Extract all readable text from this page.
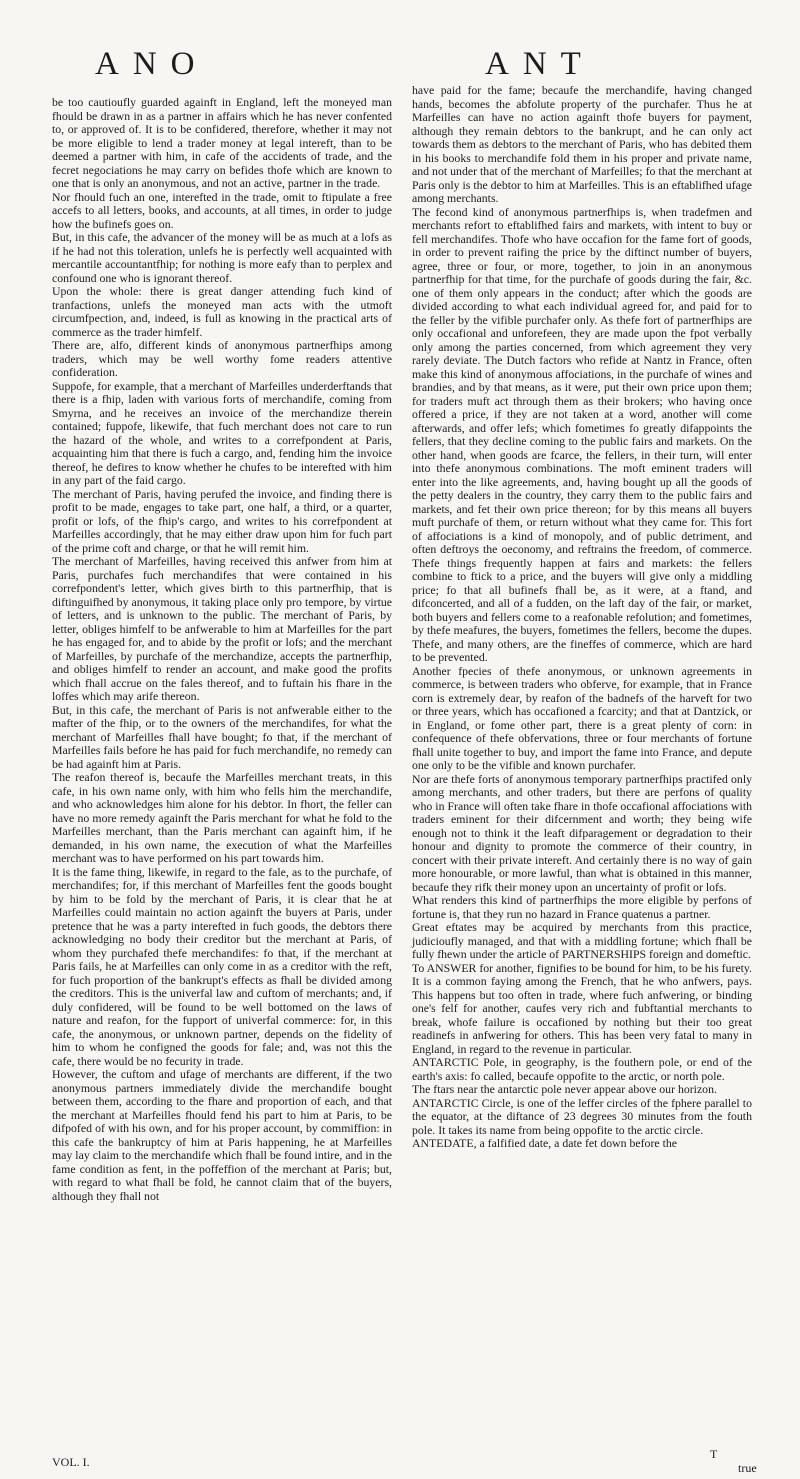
ANO	ANT

be too cautioufly guarded againft in England, left the moneyed man fhould be drawn in as a partner in affairs which he has never confented to, or approved of. It is to be confidered, therefore, whether it may not be more eligible to lend a trader money at legal intereft, than to be deemed a partner with him, in cafe of the accidents of trade, and the fecret negociations he may carry on befides thofe which are known to one that is only an anonymous, and not an active, partner in the trade.

Nor fhould fuch an one, interefted in the trade, omit to ftipulate a free accefs to all letters, books, and accounts, at all times, in order to judge how the bufinefs goes on.

But, in this cafe, the advancer of the money will be as much at a lofs as if he had not this toleration, unlefs he is perfectly well acquainted with mercantile accountantfhip; for nothing is more eafy than to perplex and confound one who is ignorant thereof.

Upon the whole: there is great danger attending fuch kind of tranfactions, unlefs the moneyed man acts with the utmoft circumfpection, and, indeed, is full as knowing in the practical arts of commerce as the trader himfelf.

There are, alfo, different kinds of anonymous partnerfhips among traders, which may be well worthy fome readers attentive confideration.

Suppofe, for example, that a merchant of Marfeilles underderftands that there is a fhip, laden with various forts of merchandife, coming from Smyrna, and he receives an invoice of the merchandize therein contained; fuppofe, likewife, that fuch merchant does not care to run the hazard of the whole, and writes to a correfpondent at Paris, acquainting him that there is fuch a cargo, and, fending him the invoice thereof, he defires to know whether he chufes to be interefted with him in any part of the faid cargo.

The merchant of Paris, having perufed the invoice, and finding there is profit to be made, engages to take part, one half, a third, or a quarter, profit or lofs, of the fhip's cargo, and writes to his correfpondent at Marfeilles accordingly, that he may either draw upon him for fuch part of the prime coft and charge, or that he will remit him.

The merchant of Marfeilles, having received this anfwer from him at Paris, purchafes fuch merchandifes that were contained in his correfpondent's letter, which gives birth to this partnerfhip, that is diftinguifhed by anonymous, it taking place only pro tempore, by virtue of letters, and is unknown to the public. The merchant of Paris, by letter, obliges himfelf to be anfwerable to him at Marfeilles for the part he has engaged for, and to abide by the profit or lofs; and the merchant of Marfeilles, by purchafe of the merchandize, accepts the partnerfhip, and obliges himfelf to render an account, and make good the profits which fhall accrue on the fales thereof, and to fuftain his fhare in the loffes which may arife thereon.

But, in this cafe, the merchant of Paris is not anfwerable either to the mafter of the fhip, or to the owners of the merchandifes, for what the merchant of Marfeilles fhall have bought; fo that, if the merchant of Marfeilles fails before he has paid for fuch merchandife, no remedy can be had againft him at Paris.

The reafon thereof is, becaufe the Marfeilles merchant treats, in this cafe, in his own name only, with him who fells him the merchandife, and who acknowledges him alone for his debtor. In fhort, the feller can have no more remedy againft the Paris merchant for what he fold to the Marfeilles merchant, than the Paris merchant can againft him, if he demanded, in his own name, the execution of what the Marfeilles merchant was to have performed on his part towards him.

It is the fame thing, likewife, in regard to the fale, as to the purchafe, of merchandifes; for, if this merchant of Marfeilles fent the goods bought by him to be fold by the merchant of Paris, it is clear that he at Marfeilles could maintain no action againft the buyers at Paris, under pretence that he was a party interefted in fuch goods, the debtors there acknowledging no body their creditor but the merchant at Paris, of whom they purchafed thefe merchandifes: fo that, if the merchant at Paris fails, he at Marfeilles can only come in as a creditor with the reft, for fuch proportion of the bankrupt's effects as fhall be divided among the creditors. This is the univerfal law and cuftom of merchants; and, if duly confidered, will be found to be well bottomed on the laws of nature and reafon, for the fupport of univerfal commerce: for, in this cafe, the anonymous, or unknown partner, depends on the fidelity of him to whom he configned the goods for fale; and, was not this the cafe, there would be no fecurity in trade.

However, the cuftom and ufage of merchants are different, if the two anonymous partners immediately divide the merchandife bought between them, according to the fhare and proportion of each, and that the merchant at Marfeilles fhould fend his part to him at Paris, to be difpofed of with his own, and for his proper account, by commiffion: in this cafe the bankruptcy of him at Paris happening, he at Marfeilles may lay claim to the merchandife which fhall be found intire, and in the fame condition as fent, in the poffeffion of the merchant at Paris; but, with regard to what fhall be fold, he cannot claim that of the buyers, although they fhall not

have paid for the fame; becaufe the merchandife, having changed hands, becomes the abfolute property of the purchafer. Thus he at Marfeilles can have no action againft thofe buyers for payment, although they remain debtors to the bankrupt, and he can only act towards them as debtors to the merchant of Paris, who has debited them in his books to merchandife fold them in his proper and private name, and not under that of the merchant of Marfeilles; fo that the merchant at Paris only is the debtor to him at Marfeilles. This is an eftablifhed ufage among merchants.

The fecond kind of anonymous partnerfhips is, when tradefmen and merchants refort to eftablifhed fairs and markets, with intent to buy or fell merchandifes. Thofe who have occafion for the fame fort of goods, in order to prevent raifing the price by the diftinct number of buyers, agree, three or four, or more, together, to join in an anonymous partnerfhip for that time, for the purchafe of goods during the fair, &c. one of them only appears in the conduct; after which the goods are divided according to what each individual agreed for, and paid for to the feller by the vifible purchafer only. As thefe fort of partnerfhips are only occafional and unforefeen, they are made upon the fpot verbally only among the parties concerned, from which agreement they very rarely deviate. The Dutch factors who refide at Nantz in France, often make this kind of anonymous affociations, in the purchafe of wines and brandies, and by that means, as it were, put their own price upon them; for traders muft act through them as their brokers; who having once offered a price, if they are not taken at a word, another will come afterwards, and offer lefs; which fometimes fo greatly difappoints the fellers, that they decline coming to the public fairs and markets. On the other hand, when goods are fcarce, the fellers, in their turn, will enter into thefe anonymous combinations. The moft eminent traders will enter into the like agreements, and, having bought up all the goods of the petty dealers in the country, they carry them to the public fairs and markets, and fet their own price thereon; for by this means all buyers muft purchafe of them, or return without what they came for. This fort of affociations is a kind of monopoly, and of public detriment, and often deftroys the oeconomy, and reftrains the freedom, of commerce. Thefe things frequently happen at fairs and markets: the fellers combine to ftick to a price, and the buyers will give only a middling price; fo that all bufinefs fhall be, as it were, at a ftand, and difconcerted, and all of a fudden, on the laft day of the fair, or market, both buyers and fellers come to a reafonable refolution; and fometimes, by thefe meafures, the buyers, fometimes the fellers, become the dupes. Thefe, and many others, are the fineffes of commerce, which are hard to be prevented.

Another fpecies of thefe anonymous, or unknown agreements in commerce, is between traders who obferve, for example, that in France corn is extremely dear, by reafon of the badnefs of the harveft for two or three years, which has occafioned a fcarcity; and that at Dantzick, or in England, or fome other part, there is a great plenty of corn: in confequence of thefe obfervations, three or four merchants of fortune fhall unite together to buy, and import the fame into France, and depute one only to be the vifible and known purchafer.

Nor are thefe forts of anonymous temporary partnerfhips practifed only among merchants, and other traders, but there are perfons of quality who in France will often take fhare in thofe occafional affociations with traders eminent for their difcernment and worth; they being wife enough not to think it the leaft difparagement or degradation to their honour and dignity to promote the commerce of their country, in concert with their private intereft. And certainly there is no way of gain more honourable, or more lawful, than what is obtained in this manner, becaufe they rifk their money upon an uncertainty of profit or lofs.

What renders this kind of partnerfhips the more eligible by perfons of fortune is, that they run no hazard in France quatenus a partner.

Great eftates may be acquired by merchants from this practice, judicioufly managed, and that with a middling fortune; which fhall be fully fhewn under the article of PARTNERSHIPS foreign and domeftic.

To ANSWER for another, fignifies to be bound for him, to be his furety. It is a common faying among the French, that he who anfwers, pays. This happens but too often in trade, where fuch anfwering, or binding one's felf for another, caufes very rich and fubftantial merchants to break, whofe failure is occafioned by nothing but their too great readinefs in anfwering for others. This has been very fatal to many in England, in regard to the revenue in particular.

ANTARCTIC Pole, in geography, is the fouthern pole, or end of the earth's axis: fo called, becaufe oppofite to the arctic, or north pole.

The ftars near the antarctic pole never appear above our horizon.

ANTARCTIC Circle, is one of the leffer circles of the fphere parallel to the equator, at the diftance of 23 degrees 30 minutes from the fouth pole. It takes its name from being oppofite to the arctic circle.

ANTEDATE, a falfified date, a date fet down before the

VOL. I.
T
true
